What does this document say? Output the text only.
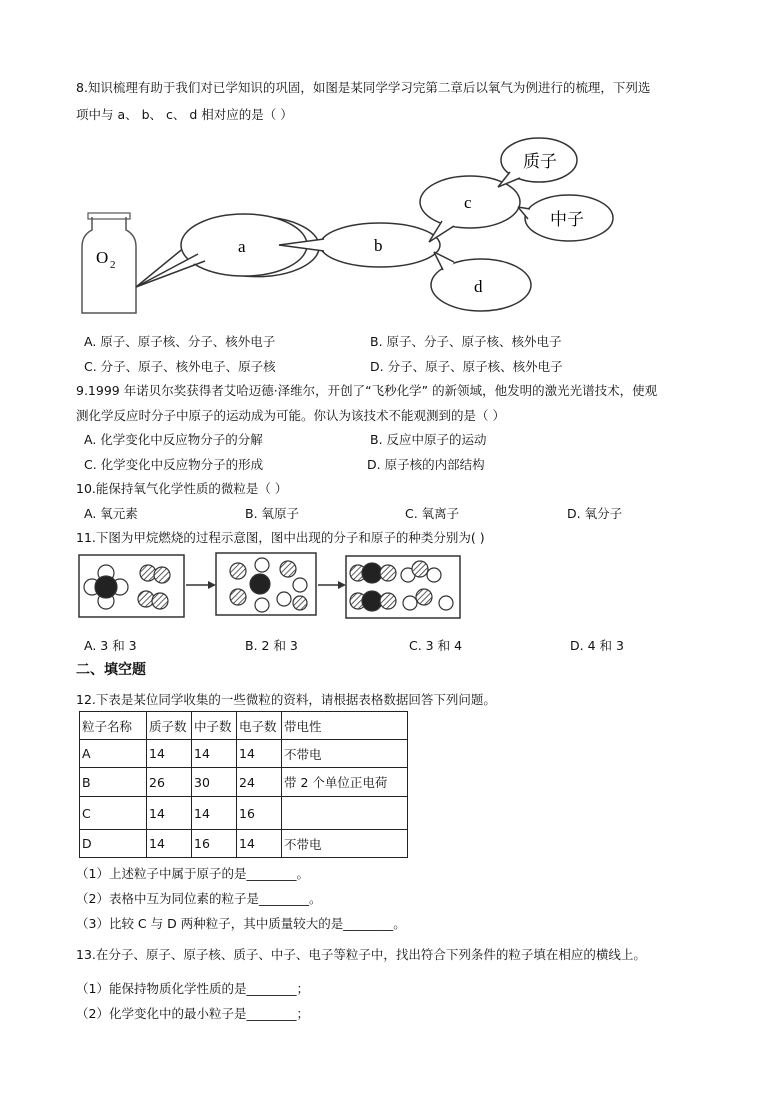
8.知识梳理有助于我们对已学知识的巩固，如图是某同学学习完第二章后以氧气为例进行的梳理，下列选
项中与 a、 b、 c、 d 相对应的是（ ）
O 2
a	b
c
d
质子
中子
A. 原子、原子核、分子、核外电子	B. 原子、分子、原子核、核外电子
C. 分子、原子、核外电子、原子核	D. 分子、原子、原子核、核外电子
9.1999 年诺贝尔奖获得者艾哈迈德·泽维尔，开创了“飞秒化学” 的新领域，他发明的激光光谱技术，使观
测化学反应时分子中原子的运动成为可能。你认为该技术不能观测到的是（ ）
A. 化学变化中反应物分子的分解	B. 反应中原子的运动
C. 化学变化中反应物分子的形成	D. 原子核的内部结构
10.能保持氧气化学性质的微粒是（ ）
A. 氧元素	B. 氧原子	C. 氧离子	D. 氧分子
11.下图为甲烷燃烧的过程示意图，图中出现的分子和原子的种类分别为( )
A. 3 和 3	B. 2 和 3	C. 3 和 4	D. 4 和 3
二、填空题
12.下表是某位同学收集的一些微粒的资料，请根据表格数据回答下列问题。
粒子名称	质子数	中子数	电子数	带电性
A	14	14	14	不带电
B	26	30	24	带 2 个单位正电荷
C	14	14	16	
D	14	16	14	不带电
（1）上述粒子中属于原子的是________。
（2）表格中互为同位素的粒子是________。
（3）比较 C 与 D 两种粒子，其中质量较大的是________。
13.在分子、原子、原子核、质子、中子、电子等粒子中，找出符合下列条件的粒子填在相应的横线上。
（1）能保持物质化学性质的是________；
（2）化学变化中的最小粒子是________；
